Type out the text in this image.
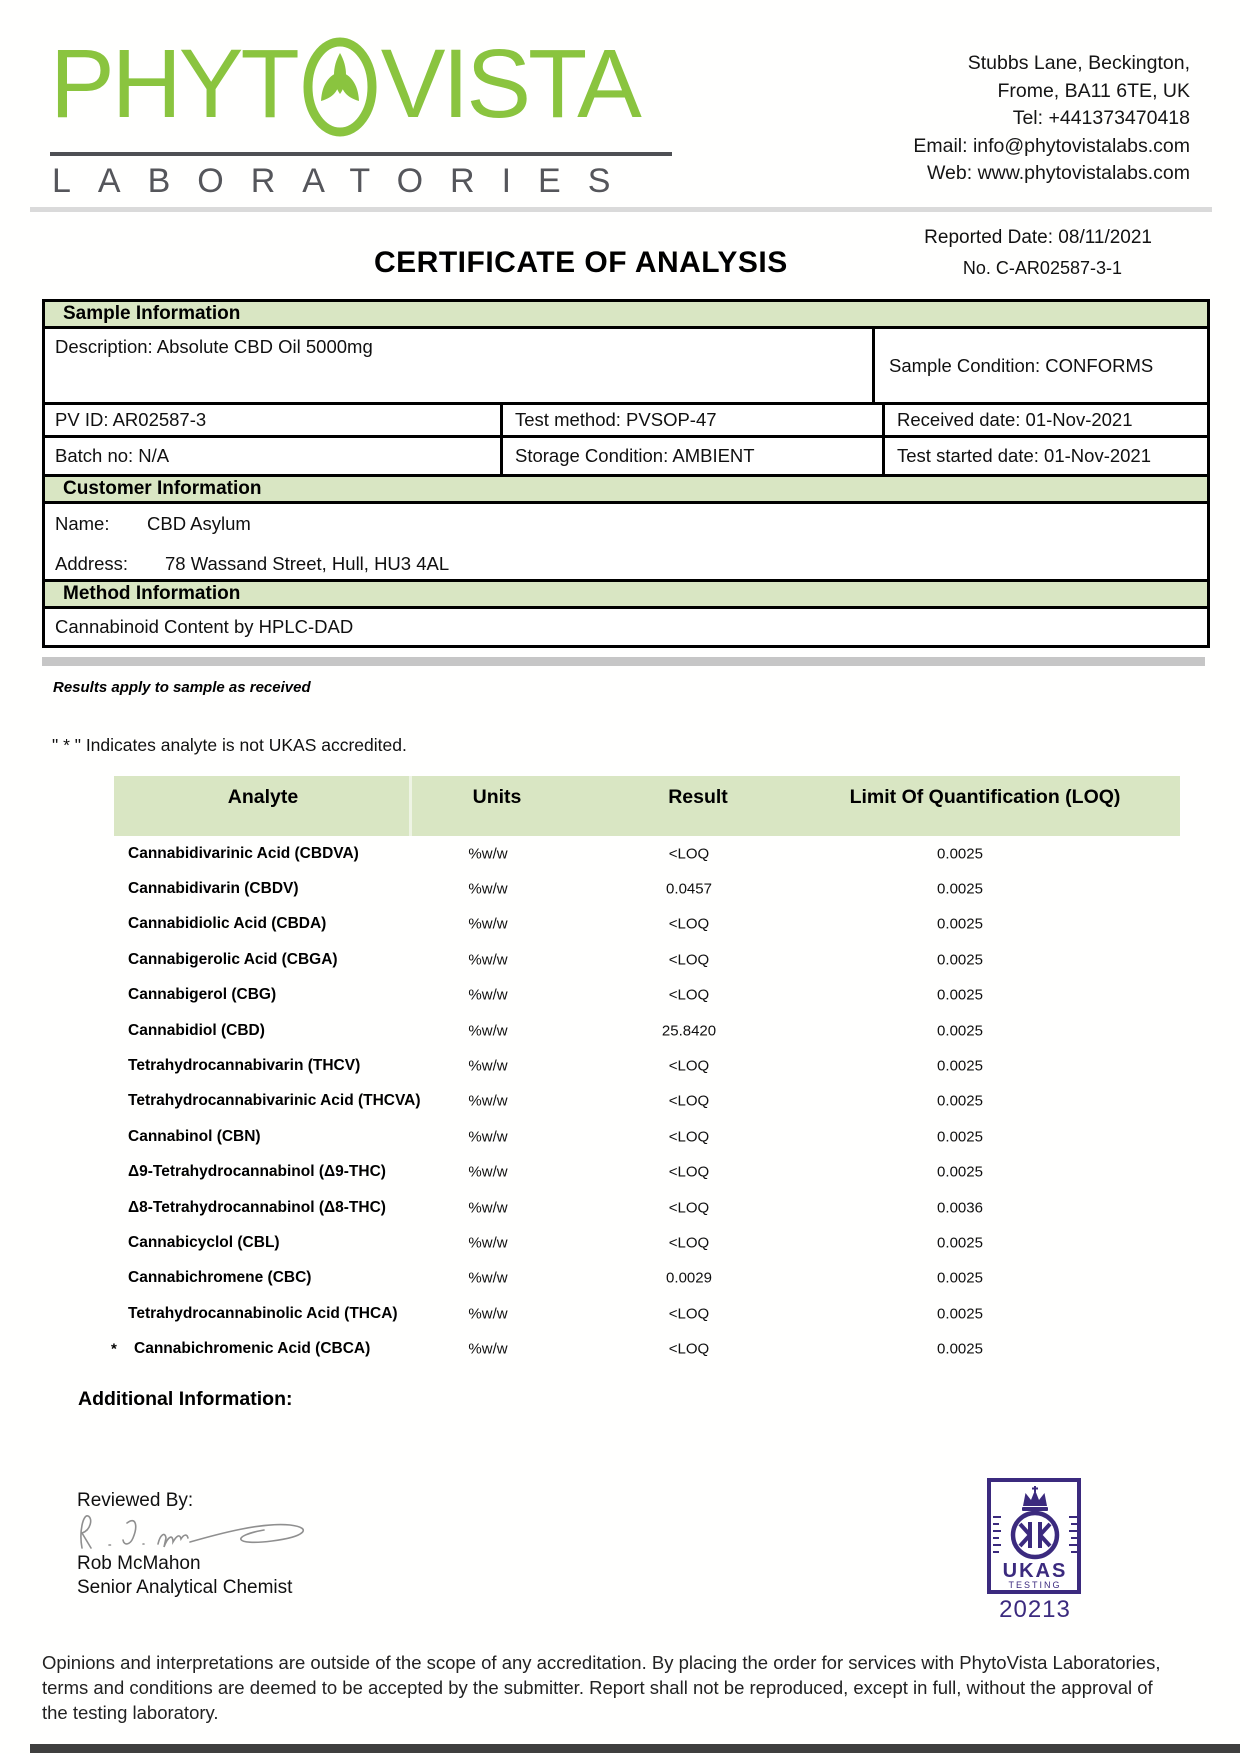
PHYT VISTA
LABORATORIES
Stubbs Lane, Beckington,
Frome, BA11 6TE, UK
Tel: +441373470418
Email: info@phytovistalabs.com
Web: www.phytovistalabs.com
CERTIFICATE OF ANALYSIS
Reported Date: 08/11/2021
No. C-AR02587-3-1
Sample Information
Description: Absolute CBD Oil 5000mg
Sample Condition: CONFORMS
PV ID: AR02587-3	Test method: PVSOP-47	Received date: 01-Nov-2021
Batch no: N/A	Storage Condition: AMBIENT	Test started date: 01-Nov-2021
Customer Information
Name: CBD Asylum
Address: 78 Wassand Street, Hull, HU3 4AL
Method Information
Cannabinoid Content by HPLC-DAD
Results apply to sample as received
" * " Indicates analyte is not UKAS accredited.
Analyte	Units	Result	Limit Of Quantification (LOQ)
Cannabidivarinic Acid (CBDVA)	%w/w	<LOQ	0.0025
Cannabidivarin (CBDV)	%w/w	0.0457	0.0025
Cannabidiolic Acid (CBDA)	%w/w	<LOQ	0.0025
Cannabigerolic Acid (CBGA)	%w/w	<LOQ	0.0025
Cannabigerol (CBG)	%w/w	<LOQ	0.0025
Cannabidiol (CBD)	%w/w	25.8420	0.0025
Tetrahydrocannabivarin (THCV)	%w/w	<LOQ	0.0025
Tetrahydrocannabivarinic Acid (THCVA)	%w/w	<LOQ	0.0025
Cannabinol (CBN)	%w/w	<LOQ	0.0025
Δ9-Tetrahydrocannabinol (Δ9-THC)	%w/w	<LOQ	0.0025
Δ8-Tetrahydrocannabinol (Δ8-THC)	%w/w	<LOQ	0.0036
Cannabicyclol (CBL)	%w/w	<LOQ	0.0025
Cannabichromene (CBC)	%w/w	0.0029	0.0025
Tetrahydrocannabinolic Acid (THCA)	%w/w	<LOQ	0.0025
* Cannabichromenic Acid (CBCA)	%w/w	<LOQ	0.0025
Additional Information:
Reviewed By:
Rob McMahon
Senior Analytical Chemist
UKAS
TESTING
20213
Opinions and interpretations are outside of the scope of any accreditation. By placing the order for services with PhytoVista Laboratories,
terms and conditions are deemed to be accepted by the submitter. Report shall not be reproduced, except in full, without the approval of
the testing laboratory.
